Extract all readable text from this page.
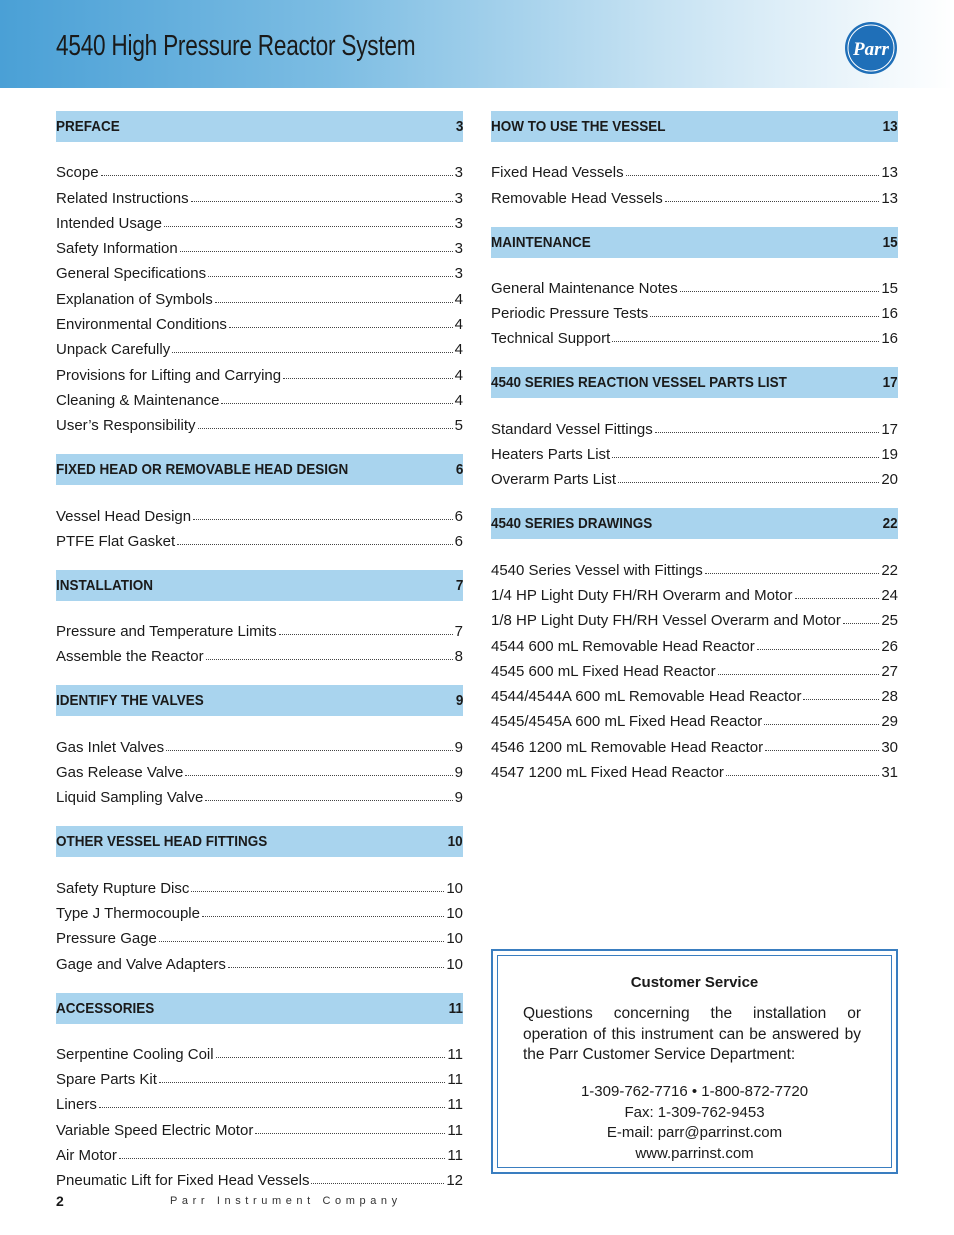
4540 High Pressure Reactor System	Parr
PREFACE	3
Scope	3
Related Instructions	3
Intended Usage	3
Safety Information	3
General Specifications	3
Explanation of Symbols	4
Environmental Conditions	4
Unpack Carefully	4
Provisions for Lifting and Carrying	4
Cleaning & Maintenance	4
User’s Responsibility	5
FIXED HEAD OR REMOVABLE HEAD DESIGN	6
Vessel Head Design	6
PTFE Flat Gasket	6
INSTALLATION	7
Pressure and Temperature Limits	7
Assemble the Reactor	8
IDENTIFY THE VALVES	9
Gas Inlet Valves	9
Gas Release Valve	9
Liquid Sampling Valve	9
OTHER VESSEL HEAD FITTINGS	10
Safety Rupture Disc	10
Type J Thermocouple	10
Pressure Gage	10
Gage and Valve Adapters	10
ACCESSORIES	11
Serpentine Cooling Coil	11
Spare Parts Kit	11
Liners	11
Variable Speed Electric Motor	11
Air Motor	11
Pneumatic Lift for Fixed Head Vessels	12
HOW TO USE THE VESSEL	13
Fixed Head Vessels	13
Removable Head Vessels	13
MAINTENANCE	15
General Maintenance Notes	15
Periodic Pressure Tests	16
Technical Support	16
4540 SERIES REACTION VESSEL PARTS LIST	17
Standard Vessel Fittings	17
Heaters Parts List	19
Overarm Parts List	20
4540 SERIES DRAWINGS	22
4540 Series Vessel with Fittings	22
1/4 HP Light Duty FH/RH Overarm and Motor	24
1/8 HP Light Duty FH/RH Vessel Overarm and Motor	25
4544 600 mL Removable Head Reactor	26
4545 600 mL Fixed Head Reactor	27
4544/4544A 600 mL Removable Head Reactor	28
4545/4545A 600 mL Fixed Head Reactor	29
4546 1200 mL Removable Head Reactor	30
4547 1200 mL Fixed Head Reactor	31
Customer Service
Questions concerning the installation or operation of this instrument can be answered by the Parr Customer Service Department:
1-309-762-7716 • 1-800-872-7720
Fax: 1-309-762-9453
E-mail: parr@parrinst.com
www.parrinst.com
2	Parr Instrument Company
